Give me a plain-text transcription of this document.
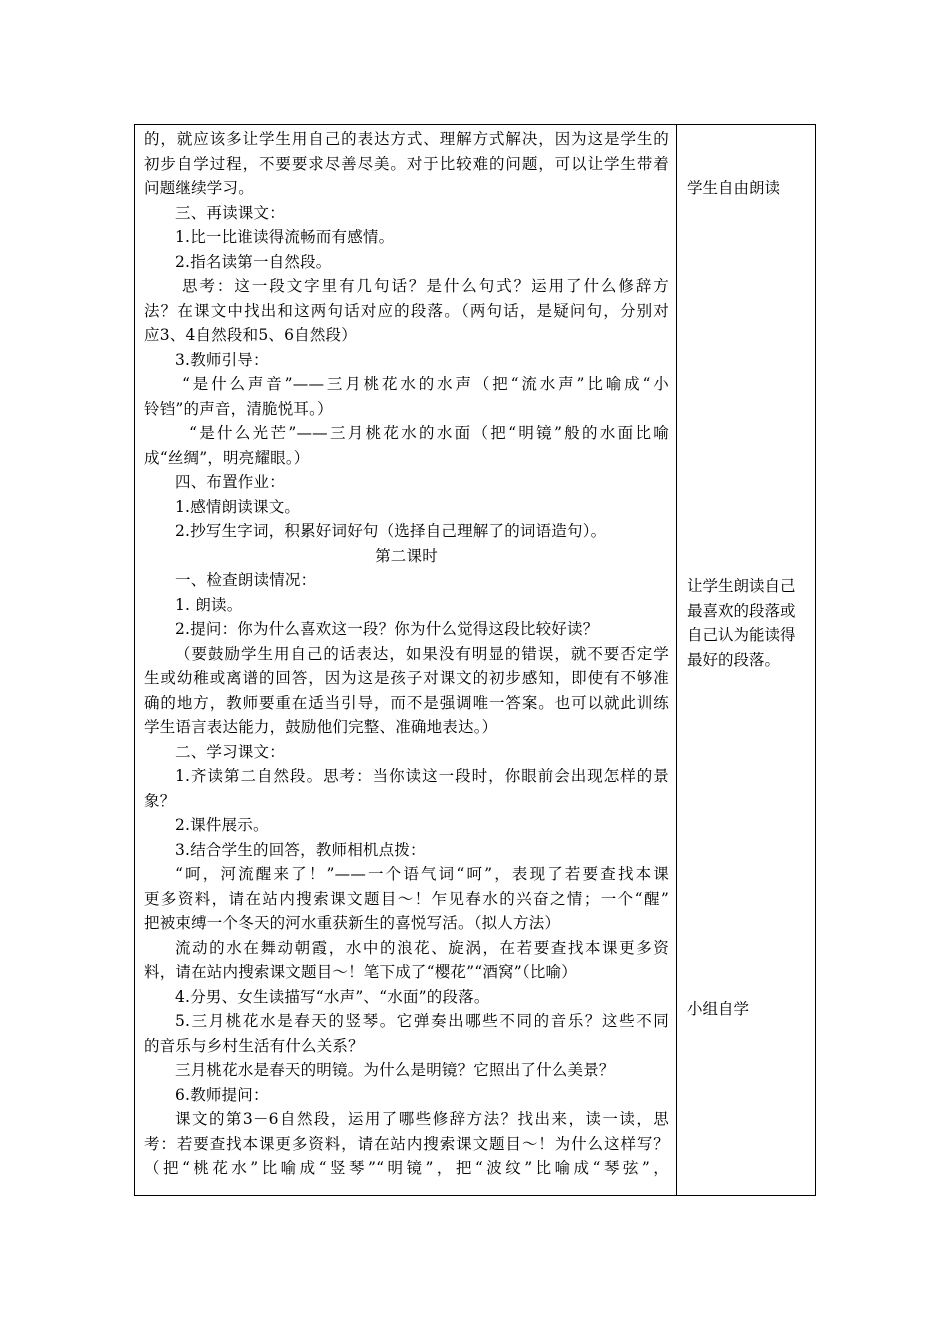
的，就应该多让学生用自己的表达方式、理解方式解决，因为这是学生的
初步自学过程，不要要求尽善尽美。对于比较难的问题，可以让学生带着
问题继续学习。
三、再读课文：
1.比一比谁读得流畅而有感情。
2.指名读第一自然段。
思考：这一段文字里有几句话？是什么句式？运用了什么修辞方
法？在课文中找出和这两句话对应的段落。（两句话，是疑问句，分别对
应3、4自然段和5、6自然段）
3.教师引导：
“是什么声音”——三月桃花水的水声（把“流水声”比喻成“小
铃铛”的声音，清脆悦耳。）
“是什么光芒”——三月桃花水的水面（把“明镜”般的水面比喻
成“丝绸”，明亮耀眼。）
四、布置作业：
1.感情朗读课文。
2.抄写生字词，积累好词好句（选择自己理解了的词语造句）。
第二课时
一、检查朗读情况：
1. 朗读。
2.提问：你为什么喜欢这一段？你为什么觉得这段比较好读？
（要鼓励学生用自己的话表达，如果没有明显的错误，就不要否定学
生或幼稚或离谱的回答，因为这是孩子对课文的初步感知，即使有不够准
确的地方，教师要重在适当引导，而不是强调唯一答案。也可以就此训练
学生语言表达能力，鼓励他们完整、准确地表达。）
二、学习课文：
1.齐读第二自然段。思考：当你读这一段时，你眼前会出现怎样的景
象？
2.课件展示。
3.结合学生的回答，教师相机点拨：
“呵，河流醒来了！”——一个语气词“呵”，表现了若要查找本课
更多资料，请在站内搜索课文题目～！乍见春水的兴奋之情；一个“醒”
把被束缚一个冬天的河水重获新生的喜悦写活。（拟人方法）
流动的水在舞动朝霞，水中的浪花、旋涡，在若要查找本课更多资
料，请在站内搜索课文题目～！笔下成了“樱花”“酒窝”（比喻）
4.分男、女生读描写“水声”、“水面”的段落。
5.三月桃花水是春天的竖琴。它弹奏出哪些不同的音乐？这些不同
的音乐与乡村生活有什么关系？
三月桃花水是春天的明镜。为什么是明镜？它照出了什么美景？
6.教师提问：
课文的第3－6自然段，运用了哪些修辞方法？找出来，读一读，思
考：若要查找本课更多资料，请在站内搜索课文题目～！为什么这样写？
（把“桃花水”比喻成“竖琴”“明镜”，把“波纹”比喻成“琴弦”，
学生自由朗读
让学生朗读自己
最喜欢的段落或
自己认为能读得
最好的段落。
小组自学
